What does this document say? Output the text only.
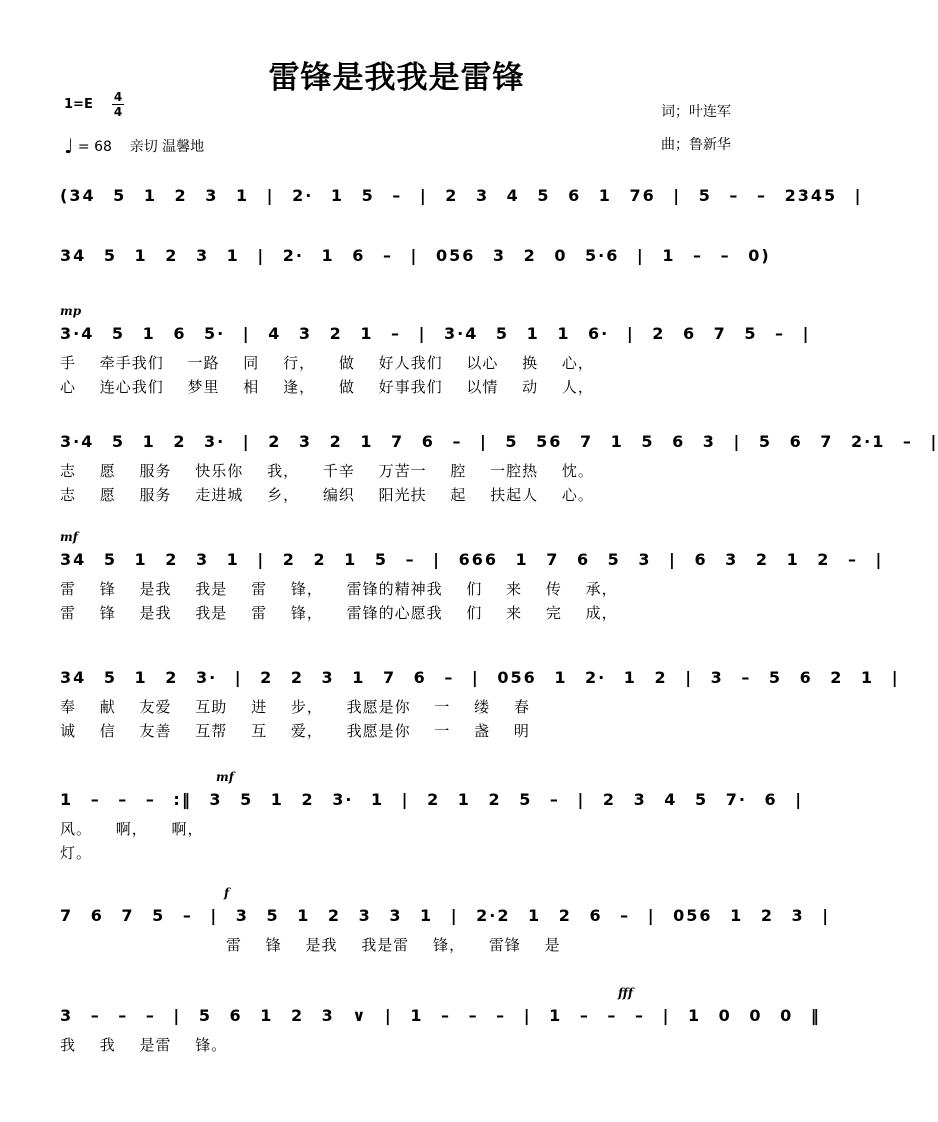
雷锋是我我是雷锋
1=E 4
4
♩ = 68 亲切 温馨地
词；叶连军
曲；鲁新华
(34 5 1 2 3 1 | 2· 1 5 – | 2 3 4 5 6 1 76 | 5 – – 2345 |
34 5 1 2 3 1 | 2· 1 6 – | 056 3 2 0 5·6 | 1 – – 0)
mp
3·4 5 1 6 5· | 4 3 2 1 – | 3·4 5 1 1 6· | 2 6 7 5 – |
手 牵手我们 一路 同 行， 做 好人我们 以心 换 心，
心 连心我们 梦里 相 逢， 做 好事我们 以情 动 人，
3·4 5 1 2 3· | 2 3 2 1 7 6 – | 5 56 7 1 5 6 3 | 5 6 7 2·1 – |
志 愿 服务 快乐你 我， 千辛 万苦一 腔 一腔热 忱。
志 愿 服务 走进城 乡， 编织 阳光扶 起 扶起人 心。
mf
34 5 1 2 3 1 | 2 2 1 5 – | 666 1 7 6 5 3 | 6 3 2 1 2 – |
雷 锋 是我 我是 雷 锋， 雷锋的精神我 们 来 传 承，
雷 锋 是我 我是 雷 锋， 雷锋的心愿我 们 来 完 成，
34 5 1 2 3· | 2 2 3 1 7 6 – | 056 1 2· 1 2 | 3 – 5 6 2 1 |
奉 献 友爱 互助 进 步， 我愿是你 一 缕 春
诚 信 友善 互帮 互 爱， 我愿是你 一 盏 明
mf
1 – – – :‖ 3 5 1 2 3· 1 | 2 1 2 5 – | 2 3 4 5 7· 6 |
风。 啊， 啊，
灯。
f
7 6 7 5 – | 3 5 1 2 3 3 1 | 2·2 1 2 6 – | 056 1 2 3 |
雷 锋 是我 我是雷 锋， 雷锋 是
fff
3 – – – | 5 6 1 2 3 ∨ | 1 – – – | 1 – – – | 1 0 0 0 ‖
我 我 是雷 锋。
